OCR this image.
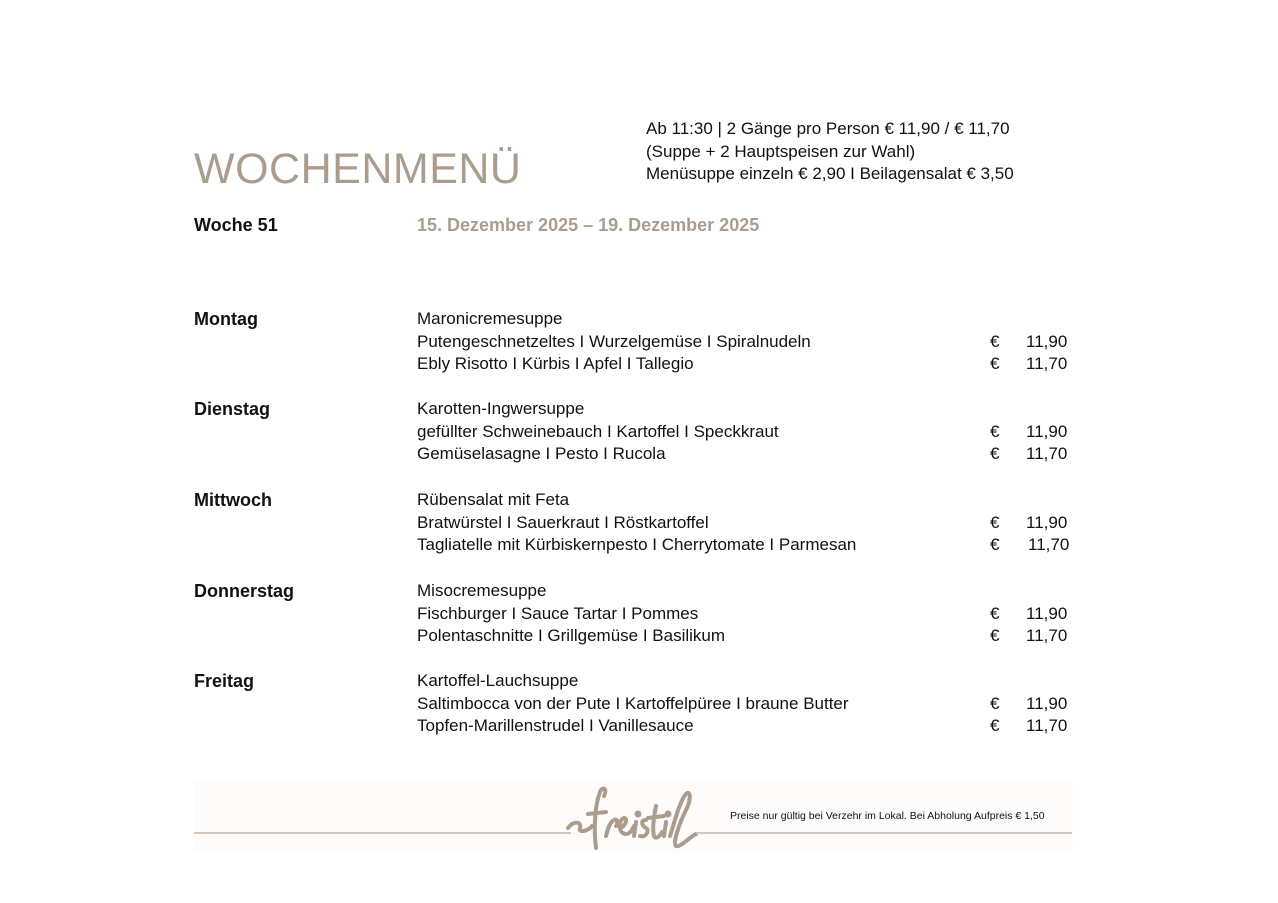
WOCHENMENÜ
Ab 11:30 | 2 Gänge pro Person € 11,90 / € 11,70
(Suppe + 2 Hauptspeisen zur Wahl)
Menüsuppe einzeln € 2,90 I Beilagensalat € 3,50
Woche 51	15. Dezember 2025 – 19. Dezember 2025
Montag	Maronicremesuppe
Putengeschnetzeltes I Wurzelgemüse I Spiralnudeln	€ 11,90
Ebly Risotto I Kürbis I Apfel I Tallegio	€ 11,70
Dienstag	Karotten-Ingwersuppe
gefüllter Schweinebauch I Kartoffel I Speckkraut	€ 11,90
Gemüselasagne I Pesto I Rucola	€ 11,70
Mittwoch	Rübensalat mit Feta
Bratwürstel I Sauerkraut I Röstkartoffel	€ 11,90
Tagliatelle mit Kürbiskernpesto I Cherrytomate I Parmesan	€ 11,70
Donnerstag	Misocremesuppe
Fischburger I Sauce Tartar I Pommes	€ 11,90
Polentaschnitte I Grillgemüse I Basilikum	€ 11,70
Freitag	Kartoffel-Lauchsuppe
Saltimbocca von der Pute I Kartoffelpüree I braune Butter	€ 11,90
Topfen-Marillenstrudel I Vanillesauce	€ 11,70
Preise nur gültig bei Verzehr im Lokal. Bei Abholung Aufpreis € 1,50
